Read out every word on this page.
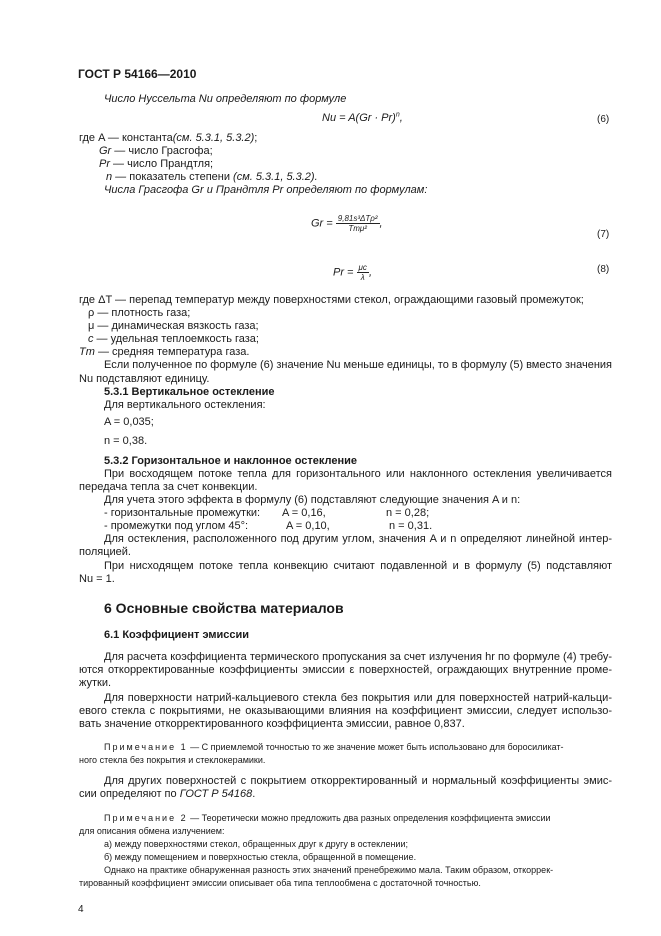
ГОСТ Р 54166—2010
Число Нуссельта Nu определяют по формуле
$Nu = A(Gr \cdot Pr)^n$,	(6)
где A — константа(см. 5.3.1, 5.3.2);
Gr — число Грасгофа;
Pr — число Прандтля;
n — показатель степени (см. 5.3.1, 5.3.2).
Числа Грасгофа Gr и Прандтля Pr определяют по формулам:
$Gr = \frac{\text{9,81s³ΔTρ²}}{\text{Tmμ²}}$ ,
(7)
$Pr = \frac{\mu c}{\lambda}$ ,	(8)
где ΔT — перепад температур между поверхностями стекол, ограждающими газовый промежуток;
ρ — плотность газа;
μ — динамическая вязкость газа;
c — удельная теплоемкость газа;
Tm — средняя температура газа.
Если полученное по формуле (6) значение Nu меньше единицы, то в формулу (5) вместо значения
Nu подставляют единицу.
5.3.1 Вертикальное остекление
Для вертикального остекления:
A = 0,035;
n = 0,38.
5.3.2 Горизонтальное и наклонное остекление
При восходящем потоке тепла для горизонтального или наклонного остекления увеличивается
передача тепла за счет конвекции.
Для учета этого эффекта в формулу (6) подставляют следующие значения A и n:
- горизонтальные промежутки: A = 0,16,	n = 0,28;
- промежутки под углом 45°:	A = 0,10,	n = 0,31.
Для остекления, расположенного под другим углом, значения A и n определяют линейной интер-
поляцией.
При нисходящем потоке тепла конвекцию считают подавленной и в формулу (5) подставляют
Nu = 1.
6 Основные свойства материалов
6.1 Коэффициент эмиссии
Для расчета коэффициента термического пропускания за счет излучения hr по формуле (4) требу-
ются откорректированные коэффициенты эмиссии ε поверхностей, ограждающих внутренние проме-
жутки.
Для поверхности натрий-кальциевого стекла без покрытия или для поверхностей натрий-кальци-
евого стекла с покрытиями, не оказывающими влияния на коэффициент эмиссии, следует использо-
вать значение откорректированного коэффициента эмиссии, равное 0,837.
Примечание 1 — С приемлемой точностью то же значение может быть использовано для боросиликат-
ного стекла без покрытия и стеклокерамики.
Для других поверхностей с покрытием откорректированный и нормальный коэффициенты эмис-
сии определяют по ГОСТ Р 54168.
Примечание 2 — Теоретически можно предложить два разных определения коэффициента эмиссии
для описания обмена излучением:
а) между поверхностями стекол, обращенных друг к другу в остеклении;
б) между помещением и поверхностью стекла, обращенной в помещение.
Однако на практике обнаруженная разность этих значений пренебрежимо мала. Таким образом, откоррек-
тированный коэффициент эмиссии описывает оба типа теплообмена с достаточной точностью.
4
